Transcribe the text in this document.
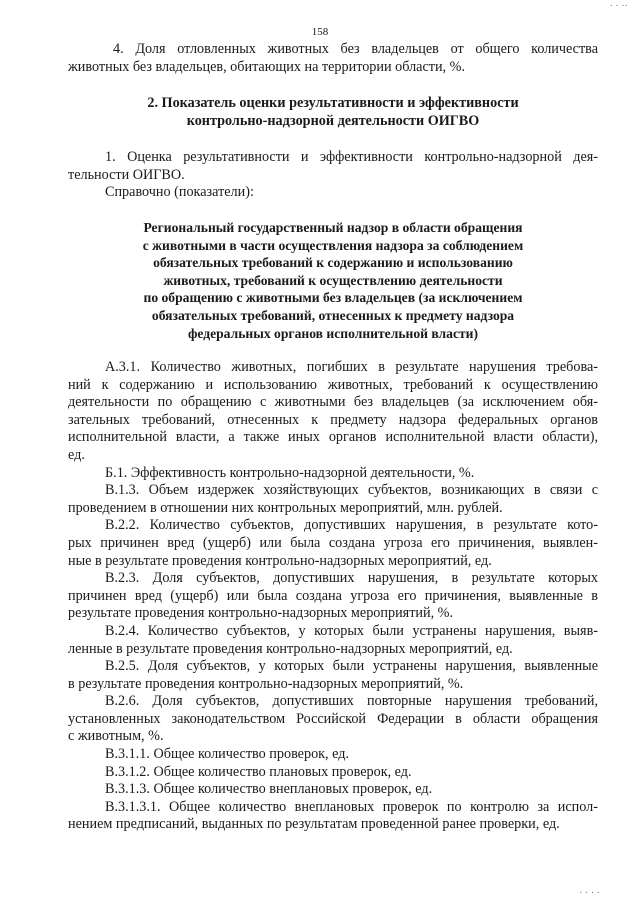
· · ··
158
4. Доля отловленных животных без владельцев от общего количества
животных без владельцев, обитающих на территории области, %.
2. Показатель оценки результативности и эффективности
контрольно-надзорной деятельности ОИГВО
1. Оценка результативности и эффективности контрольно-надзорной дея-
тельности ОИГВО.
Справочно (показатели):
Региональный государственный надзор в области обращения
с животными в части осуществления надзора за соблюдением
обязательных требований к содержанию и использованию
животных, требований к осуществлению деятельности
по обращению с животными без владельцев (за исключением
обязательных требований, отнесенных к предмету надзора
федеральных органов исполнительной власти)
А.3.1. Количество животных, погибших в результате нарушения требова-
ний к содержанию и использованию животных, требований к осуществлению
деятельности по обращению с животными без владельцев (за исключением обя-
зательных требований, отнесенных к предмету надзора федеральных органов
исполнительной власти, а также иных органов исполнительной власти области),
ед.
Б.1. Эффективность контрольно-надзорной деятельности, %.
В.1.3. Объем издержек хозяйствующих субъектов, возникающих в связи с
проведением в отношении них контрольных мероприятий, млн. рублей.
В.2.2. Количество субъектов, допустивших нарушения, в результате кото-
рых причинен вред (ущерб) или была создана угроза его причинения, выявлен-
ные в результате проведения контрольно-надзорных мероприятий, ед.
В.2.3. Доля субъектов, допустивших нарушения, в результате которых
причинен вред (ущерб) или была создана угроза его причинения, выявленные в
результате проведения контрольно-надзорных мероприятий, %.
В.2.4. Количество субъектов, у которых были устранены нарушения, выяв-
ленные в результате проведения контрольно-надзорных мероприятий, ед.
В.2.5. Доля субъектов, у которых были устранены нарушения, выявленные
в результате проведения контрольно-надзорных мероприятий, %.
В.2.6. Доля субъектов, допустивших повторные нарушения требований,
установленных законодательством Российской Федерации в области обращения
с животным, %.
В.3.1.1. Общее количество проверок, ед.
В.3.1.2. Общее количество плановых проверок, ед.
В.3.1.3. Общее количество внеплановых проверок, ед.
В.3.1.3.1. Общее количество внеплановых проверок по контролю за испол-
нением предписаний, выданных по результатам проведенной ранее проверки, ед.
· · · ·
